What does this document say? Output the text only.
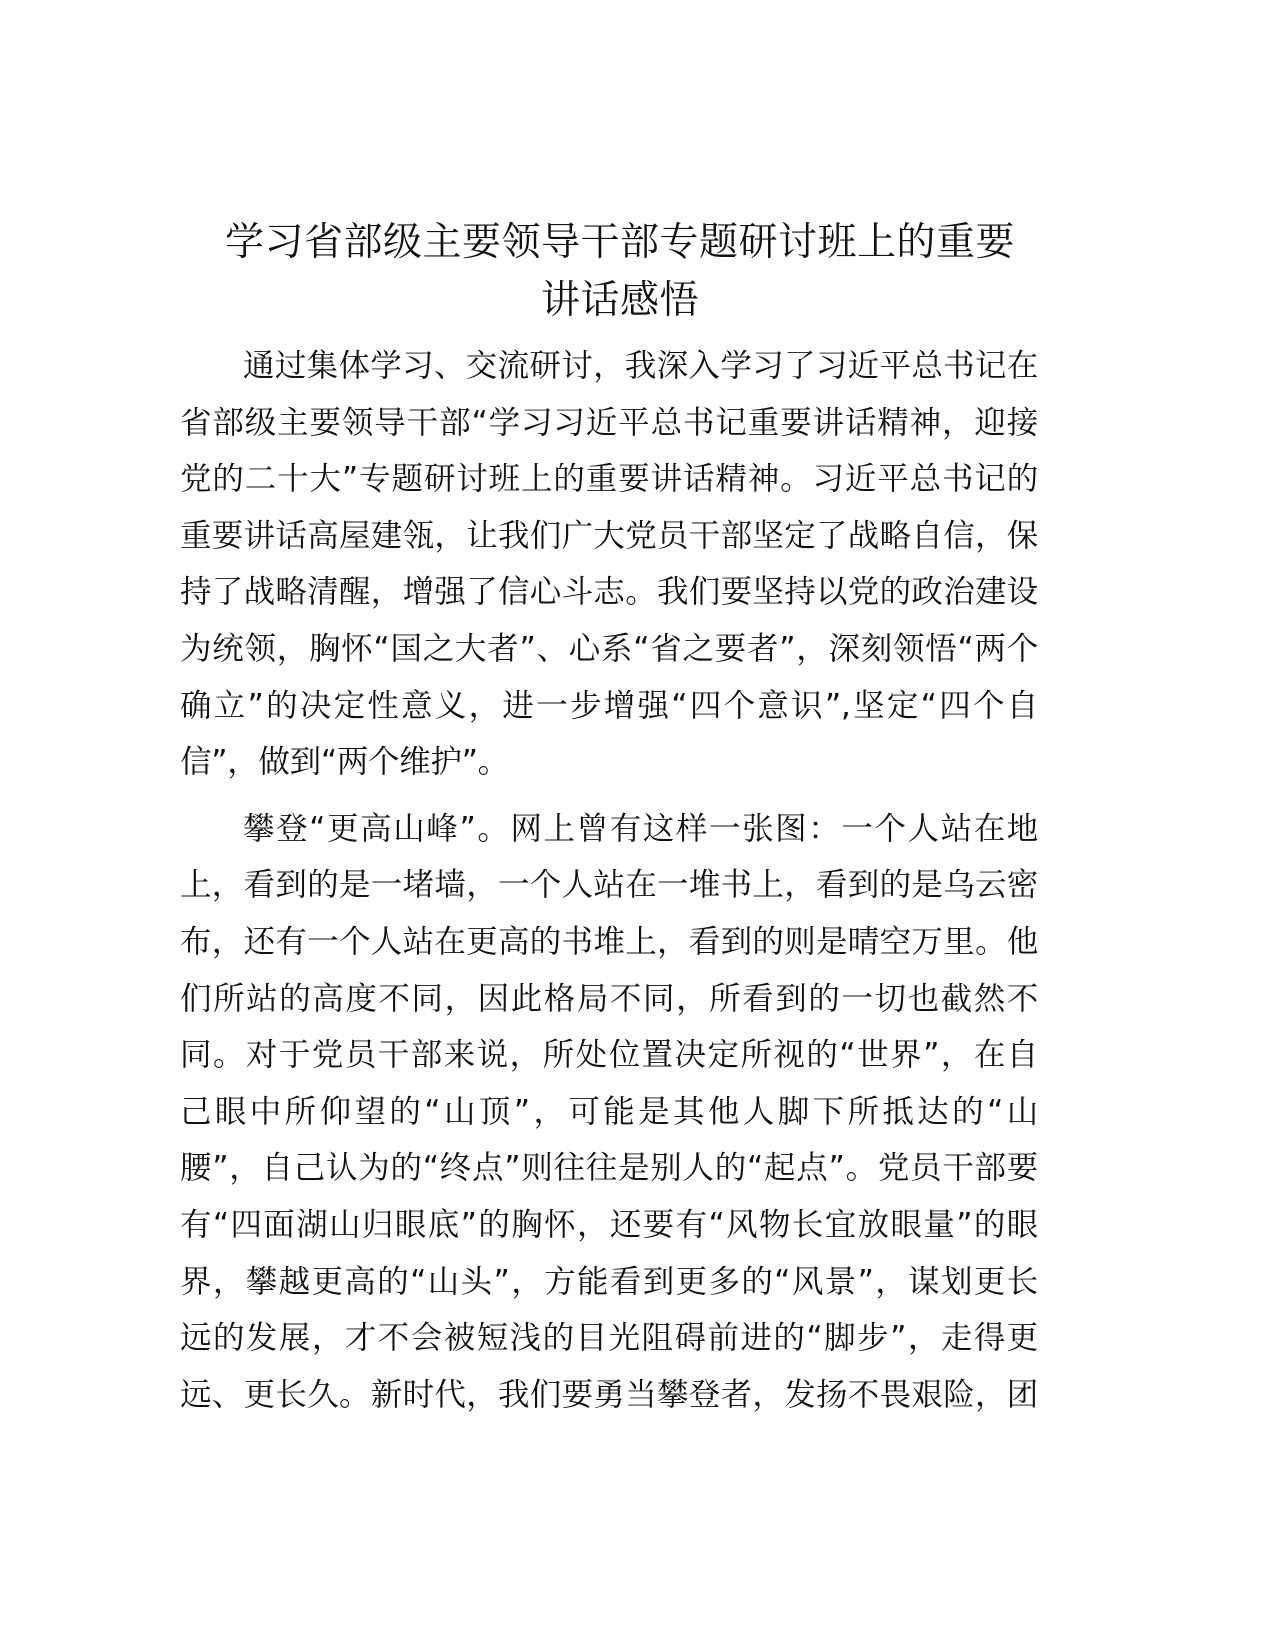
学习省部级主要领导干部专题研讨班上的重要
讲话感悟
通过集体学习、交流研讨，我深入学习了习近平总书记在
省部级主要领导干部“学习习近平总书记重要讲话精神，迎接
党的二十大”专题研讨班上的重要讲话精神。习近平总书记的
重要讲话高屋建瓴，让我们广大党员干部坚定了战略自信，保
持了战略清醒，增强了信心斗志。我们要坚持以党的政治建设
为统领，胸怀“国之大者”、心系“省之要者”，深刻领悟“两个
确立”的决定性意义，进一步增强“四个意识”,坚定“四个自
信”，做到“两个维护”。
攀登“更高山峰”。网上曾有这样一张图：一个人站在地
上，看到的是一堵墙，一个人站在一堆书上，看到的是乌云密
布，还有一个人站在更高的书堆上，看到的则是晴空万里。他
们所站的高度不同，因此格局不同，所看到的一切也截然不
同。对于党员干部来说，所处位置决定所视的“世界”，在自
己眼中所仰望的“山顶”，可能是其他人脚下所抵达的“山
腰”，自己认为的“终点”则往往是别人的“起点”。党员干部要
有“四面湖山归眼底”的胸怀，还要有“风物长宜放眼量”的眼
界，攀越更高的“山头”，方能看到更多的“风景”，谋划更长
远的发展，才不会被短浅的目光阻碍前进的“脚步”，走得更
远、更长久。新时代，我们要勇当攀登者，发扬不畏艰险，团
